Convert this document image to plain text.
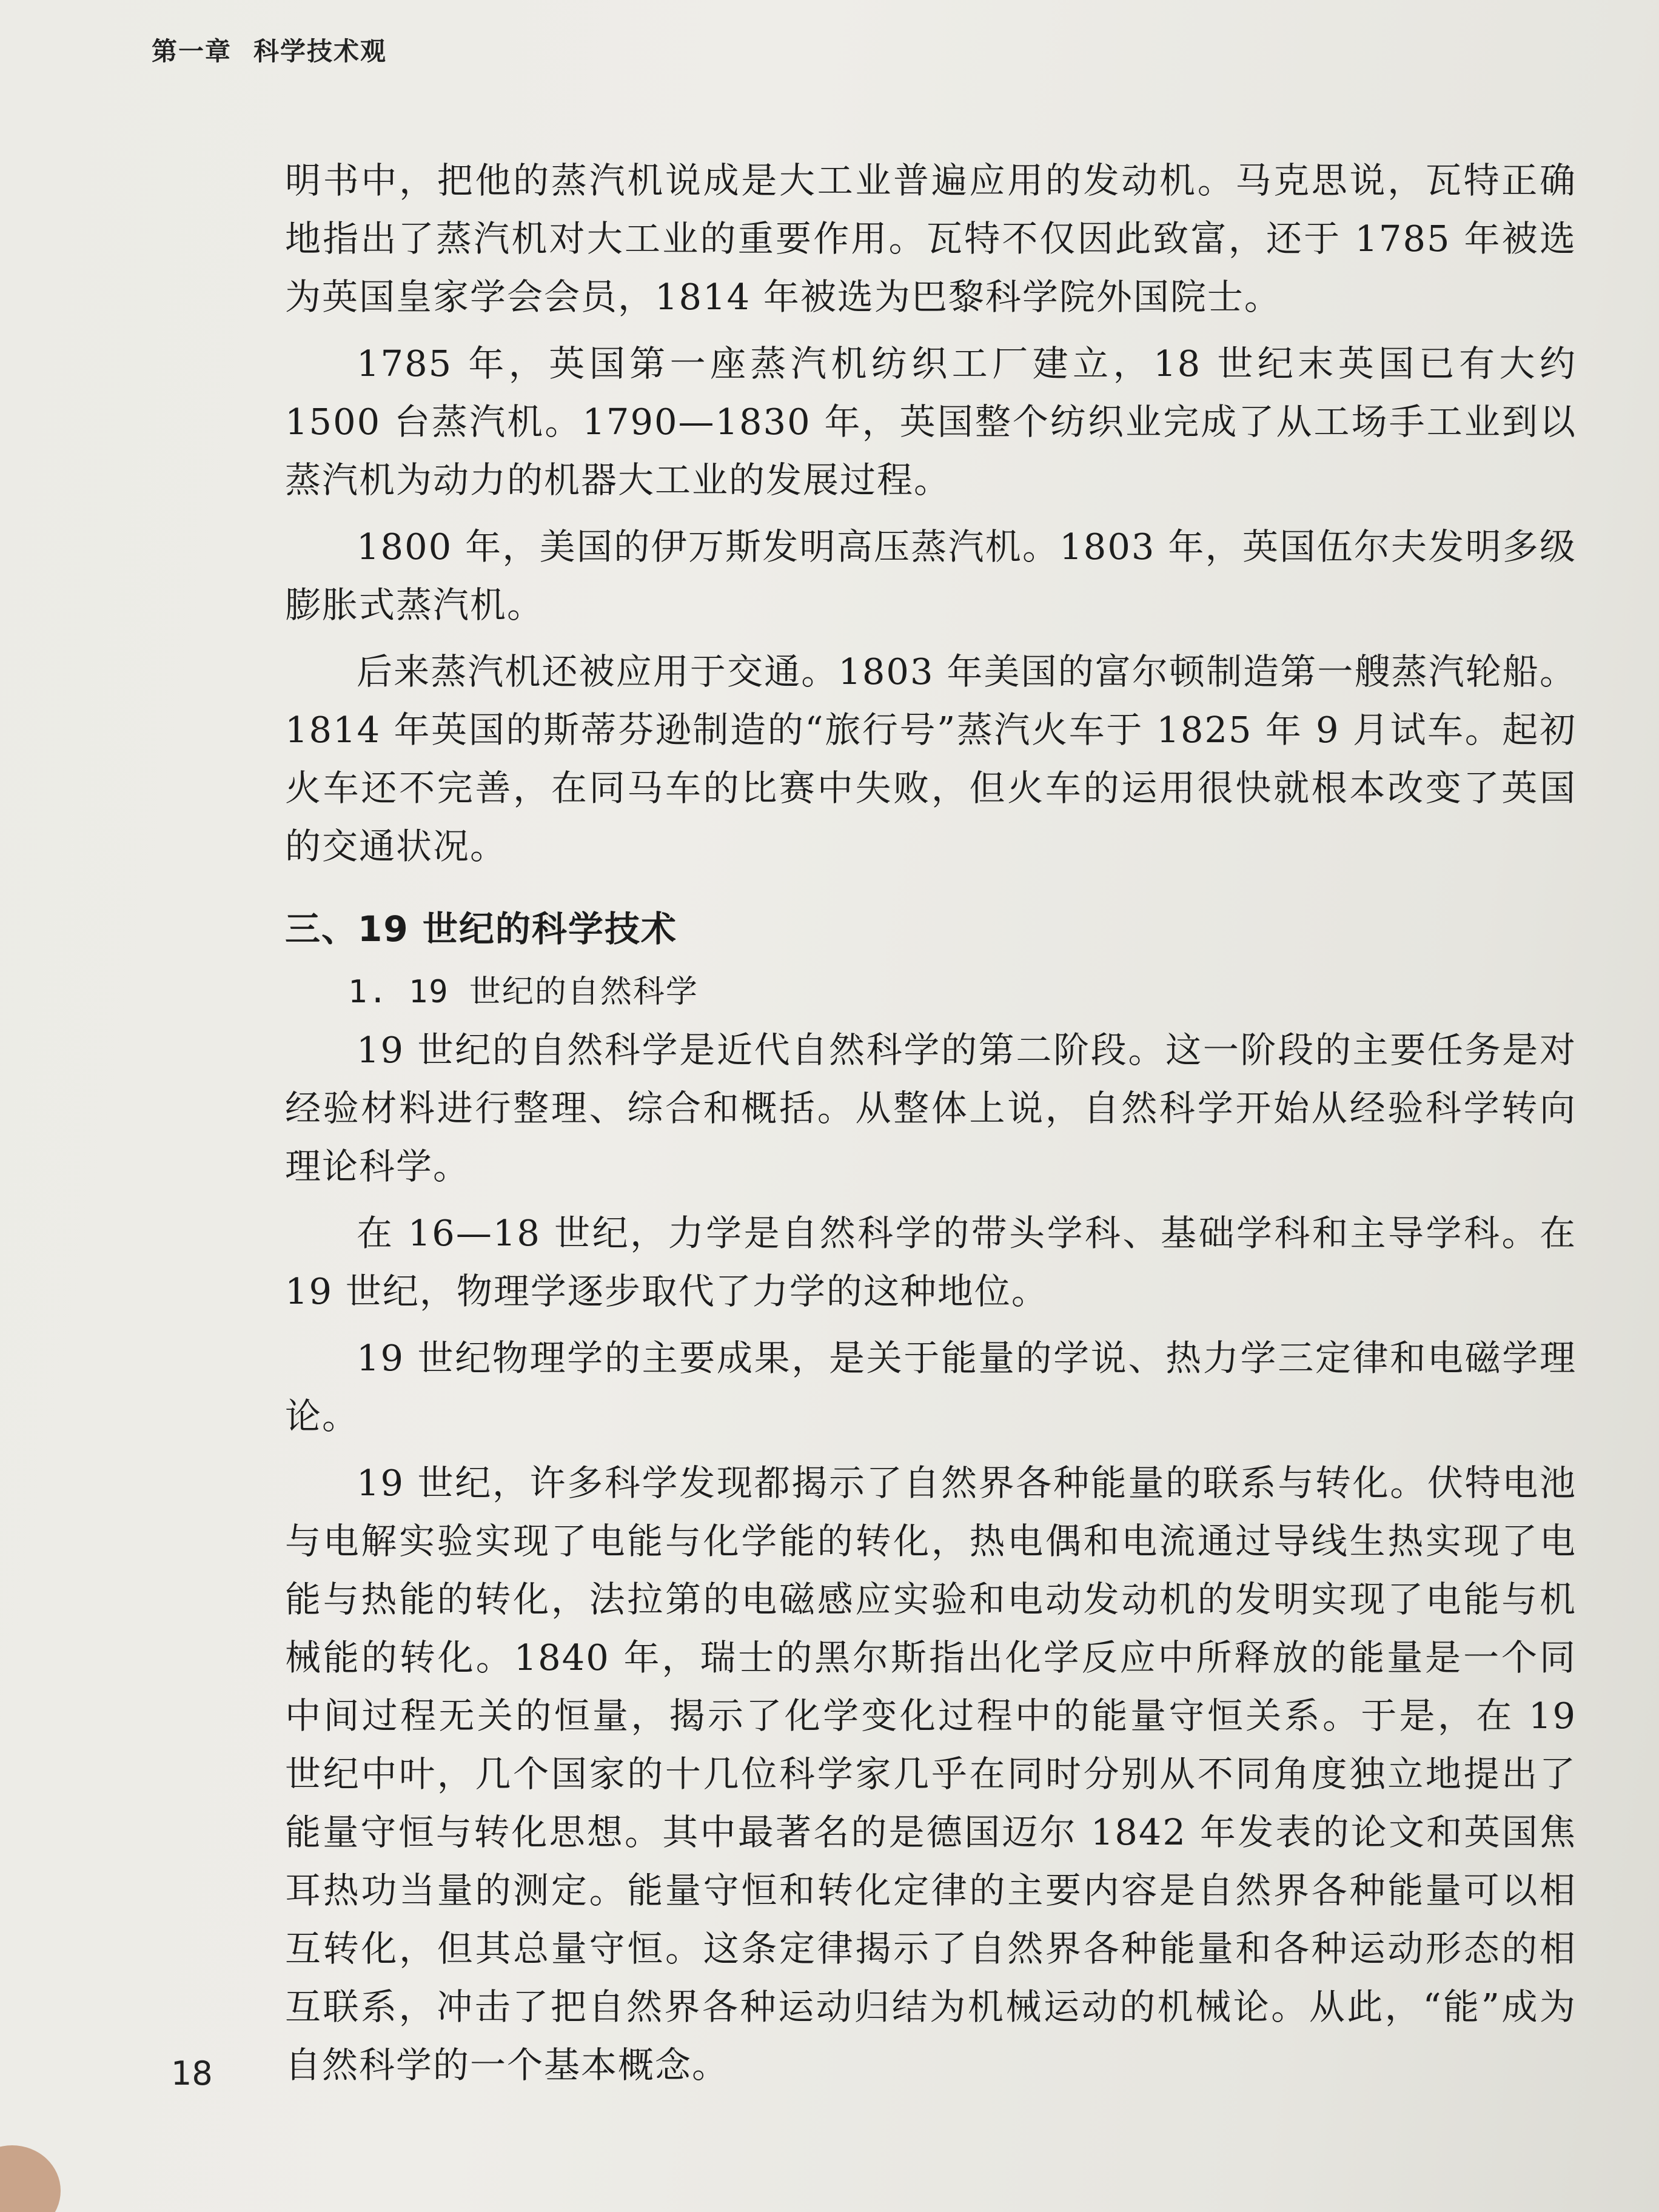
第一章 科学技术观

明书中，把他的蒸汽机说成是大工业普遍应用的发动机。马克思说，瓦特正确地指出了蒸汽机对大工业的重要作用。瓦特不仅因此致富，还于 1785 年被选为英国皇家学会会员，1814 年被选为巴黎科学院外国院士。

1785 年，英国第一座蒸汽机纺织工厂建立，18 世纪末英国已有大约 1500 台蒸汽机。1790—1830 年，英国整个纺织业完成了从工场手工业到以蒸汽机为动力的机器大工业的发展过程。

1800 年，美国的伊万斯发明高压蒸汽机。1803 年，英国伍尔夫发明多级膨胀式蒸汽机。

后来蒸汽机还被应用于交通。1803 年美国的富尔顿制造第一艘蒸汽轮船。1814 年英国的斯蒂芬逊制造的“旅行号”蒸汽火车于 1825 年 9 月试车。起初火车还不完善，在同马车的比赛中失败，但火车的运用很快就根本改变了英国的交通状况。

三、19 世纪的科学技术
1. 19 世纪的自然科学

19 世纪的自然科学是近代自然科学的第二阶段。这一阶段的主要任务是对经验材料进行整理、综合和概括。从整体上说，自然科学开始从经验科学转向理论科学。

在 16—18 世纪，力学是自然科学的带头学科、基础学科和主导学科。在 19 世纪，物理学逐步取代了力学的这种地位。

19 世纪物理学的主要成果，是关于能量的学说、热力学三定律和电磁学理论。

19 世纪，许多科学发现都揭示了自然界各种能量的联系与转化。伏特电池与电解实验实现了电能与化学能的转化，热电偶和电流通过导线生热实现了电能与热能的转化，法拉第的电磁感应实验和电动发动机的发明实现了电能与机械能的转化。1840 年，瑞士的黑尔斯指出化学反应中所释放的能量是一个同中间过程无关的恒量，揭示了化学变化过程中的能量守恒关系。于是，在 19 世纪中叶，几个国家的十几位科学家几乎在同时分别从不同角度独立地提出了能量守恒与转化思想。其中最著名的是德国迈尔 1842 年发表的论文和英国焦耳热功当量的测定。能量守恒和转化定律的主要内容是自然界各种能量可以相互转化，但其总量守恒。这条定律揭示了自然界各种能量和各种运动形态的相互联系，冲击了把自然界各种运动归结为机械运动的机械论。从此，“能”成为自然科学的一个基本概念。

18
